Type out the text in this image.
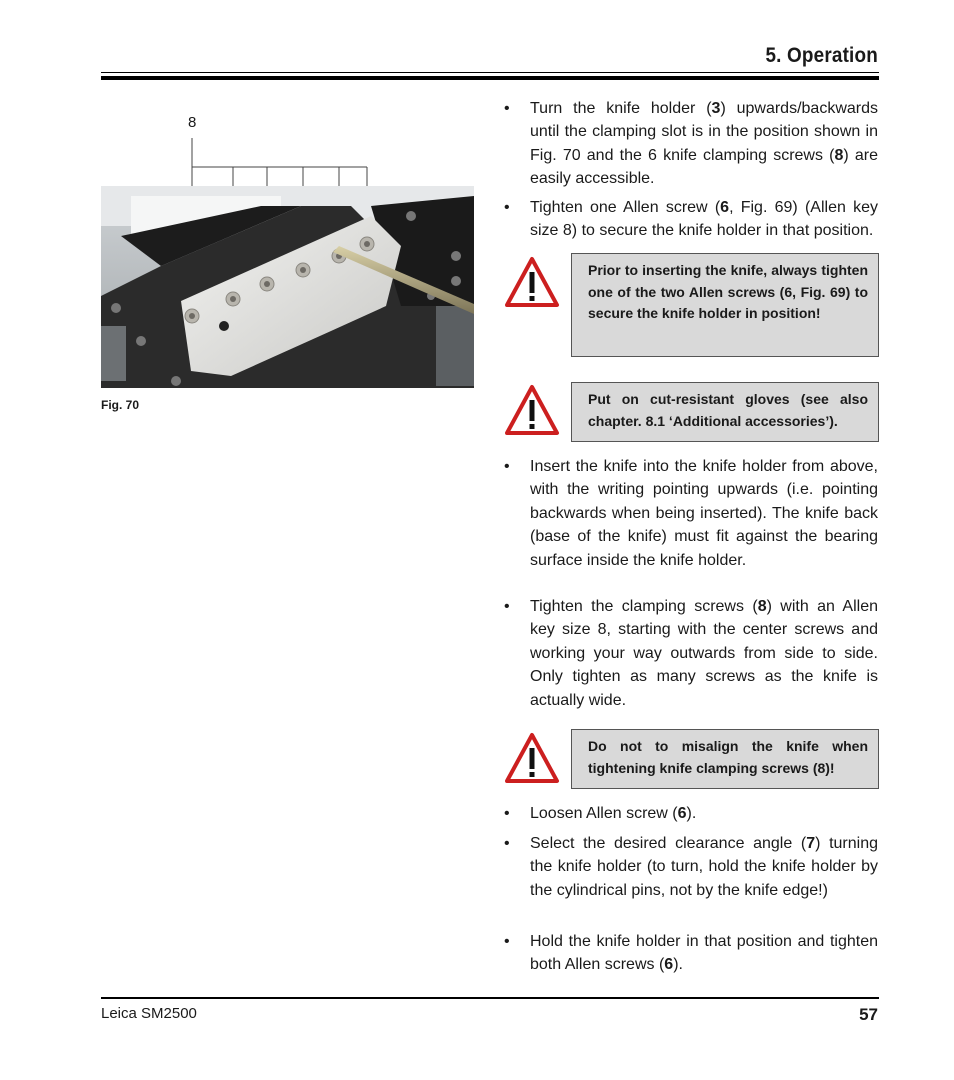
5. Operation
8
Fig. 70
• Turn the knife holder (3) upwards/backwards until the clamping slot is in the position shown in Fig. 70 and the 6 knife clamping screws (8) are easily accessible.
• Tighten one Allen screw (6, Fig. 69) (Allen key size 8) to secure the knife holder in that position.
Prior to inserting the knife, always tighten one of the two Allen screws (6, Fig. 69) to secure the knife holder in position!
Put on cut-resistant gloves (see also chapter. 8.1 ‘Additional accessories’).
• Insert the knife into the knife holder from above, with the writing pointing upwards (i.e. pointing backwards when being inserted). The knife back (base of the knife) must fit against the bearing surface inside the knife holder.
• Tighten the clamping screws (8) with an Allen key size 8, starting with the center screws and working your way outwards from side to side. Only tighten as many screws as the knife is actually wide.
Do not to misalign the knife when tightening knife clamping screws (8)!
• Loosen Allen screw (6).
• Select the desired clearance angle (7) turning the knife holder (to turn, hold the knife holder by the cylindrical pins, not by the knife edge!)
• Hold the knife holder in that position and tighten both Allen screws (6).
Leica SM2500	57
